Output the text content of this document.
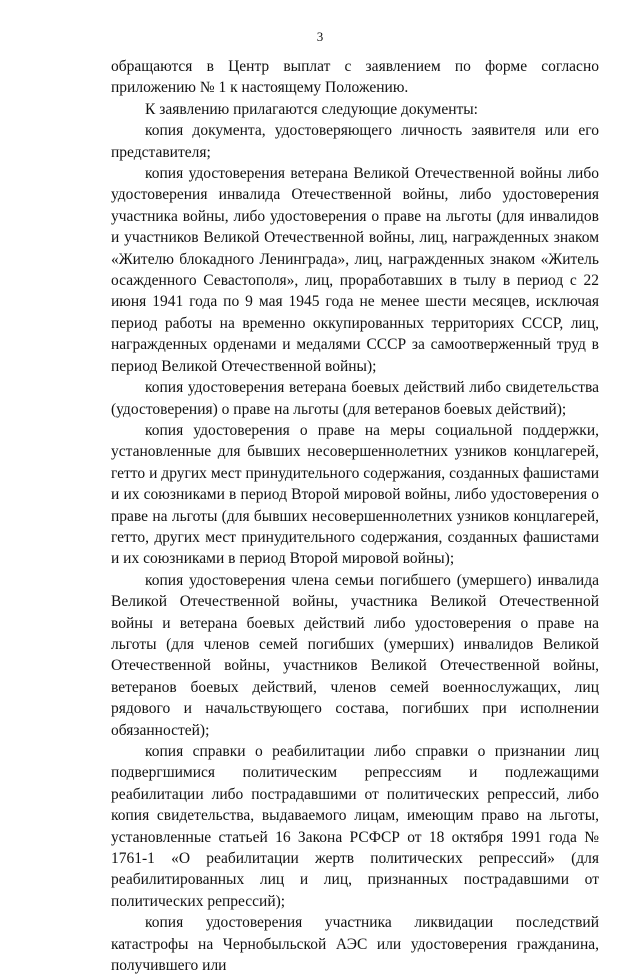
3

обращаются в Центр выплат с заявлением по форме согласно приложению № 1 к настоящему Положению.

К заявлению прилагаются следующие документы:

копия документа, удостоверяющего личность заявителя или его представителя;

копия удостоверения ветерана Великой Отечественной войны либо удостоверения инвалида Отечественной войны, либо удостоверения участника войны, либо удостоверения о праве на льготы (для инвалидов и участников Великой Отечественной войны, лиц, награжденных знаком «Жителю блокадного Ленинграда», лиц, награжденных знаком «Житель осажденного Севастополя», лиц, проработавших в тылу в период с 22 июня 1941 года по 9 мая 1945 года не менее шести месяцев, исключая период работы на временно оккупированных территориях СССР, лиц, награжденных орденами и медалями СССР за самоотверженный труд в период Великой Отечественной войны);

копия удостоверения ветерана боевых действий либо свидетельства (удостоверения) о праве на льготы (для ветеранов боевых действий);

копия удостоверения о праве на меры социальной поддержки, установленные для бывших несовершеннолетних узников концлагерей, гетто и других мест принудительного содержания, созданных фашистами и их союзниками в период Второй мировой войны, либо удостоверения о праве на льготы (для бывших несовершеннолетних узников концлагерей, гетто, других мест принудительного содержания, созданных фашистами и их союзниками в период Второй мировой войны);

копия удостоверения члена семьи погибшего (умершего) инвалида Великой Отечественной войны, участника Великой Отечественной войны и ветерана боевых действий либо удостоверения о праве на льготы (для членов семей погибших (умерших) инвалидов Великой Отечественной войны, участников Великой Отечественной войны, ветеранов боевых действий, членов семей военнослужащих, лиц рядового и начальствующего состава, погибших при исполнении обязанностей);

копия справки о реабилитации либо справки о признании лиц подвергшимися политическим репрессиям и подлежащими реабилитации либо пострадавшими от политических репрессий, либо копия свидетельства, выдаваемого лицам, имеющим право на льготы, установленные статьей 16 Закона РСФСР от 18 октября 1991 года № 1761-1 «О реабилитации жертв политических репрессий» (для реабилитированных лиц и лиц, признанных пострадавшими от политических репрессий);

копия удостоверения участника ликвидации последствий катастрофы на Чернобыльской АЭС или удостоверения гражданина, получившего или
